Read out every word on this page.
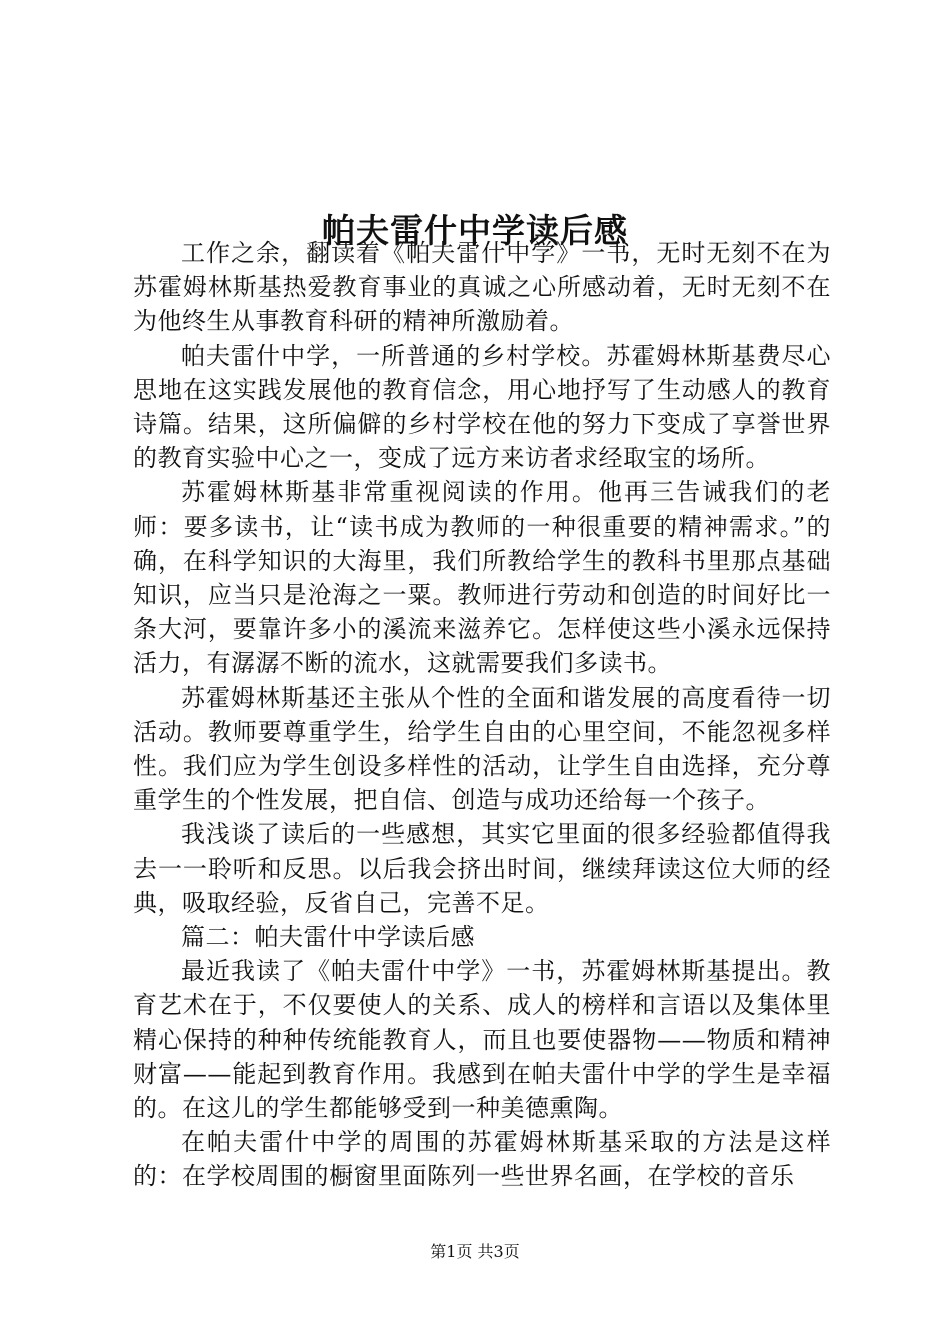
帕夫雷什中学读后感

工作之余，翻读着《帕夫雷什中学》一书，无时无刻不在为苏霍姆林斯基热爱教育事业的真诚之心所感动着，无时无刻不在为他终生从事教育科研的精神所激励着。

帕夫雷什中学，一所普通的乡村学校。苏霍姆林斯基费尽心思地在这实践发展他的教育信念，用心地抒写了生动感人的教育诗篇。结果，这所偏僻的乡村学校在他的努力下变成了享誉世界的教育实验中心之一，变成了远方来访者求经取宝的场所。

苏霍姆林斯基非常重视阅读的作用。他再三告诫我们的老师：要多读书，让“读书成为教师的一种很重要的精神需求。”的确，在科学知识的大海里，我们所教给学生的教科书里那点基础知识，应当只是沧海之一粟。教师进行劳动和创造的时间好比一条大河，要靠许多小的溪流来滋养它。怎样使这些小溪永远保持活力，有潺潺不断的流水，这就需要我们多读书。

苏霍姆林斯基还主张从个性的全面和谐发展的高度看待一切活动。教师要尊重学生，给学生自由的心里空间，不能忽视多样性。我们应为学生创设多样性的活动，让学生自由选择，充分尊重学生的个性发展，把自信、创造与成功还给每一个孩子。

我浅谈了读后的一些感想，其实它里面的很多经验都值得我去一一聆听和反思。以后我会挤出时间，继续拜读这位大师的经典，吸取经验，反省自己，完善不足。

篇二：帕夫雷什中学读后感

最近我读了《帕夫雷什中学》一书，苏霍姆林斯基提出。教育艺术在于，不仅要使人的关系、成人的榜样和言语以及集体里精心保持的种种传统能教育人，而且也要使器物——物质和精神财富——能起到教育作用。我感到在帕夫雷什中学的学生是幸福的。在这儿的学生都能够受到一种美德熏陶。

在帕夫雷什中学的周围的苏霍姆林斯基采取的方法是这样的：在学校周围的橱窗里面陈列一些世界名画，在学校的音乐

第1页 共3页
